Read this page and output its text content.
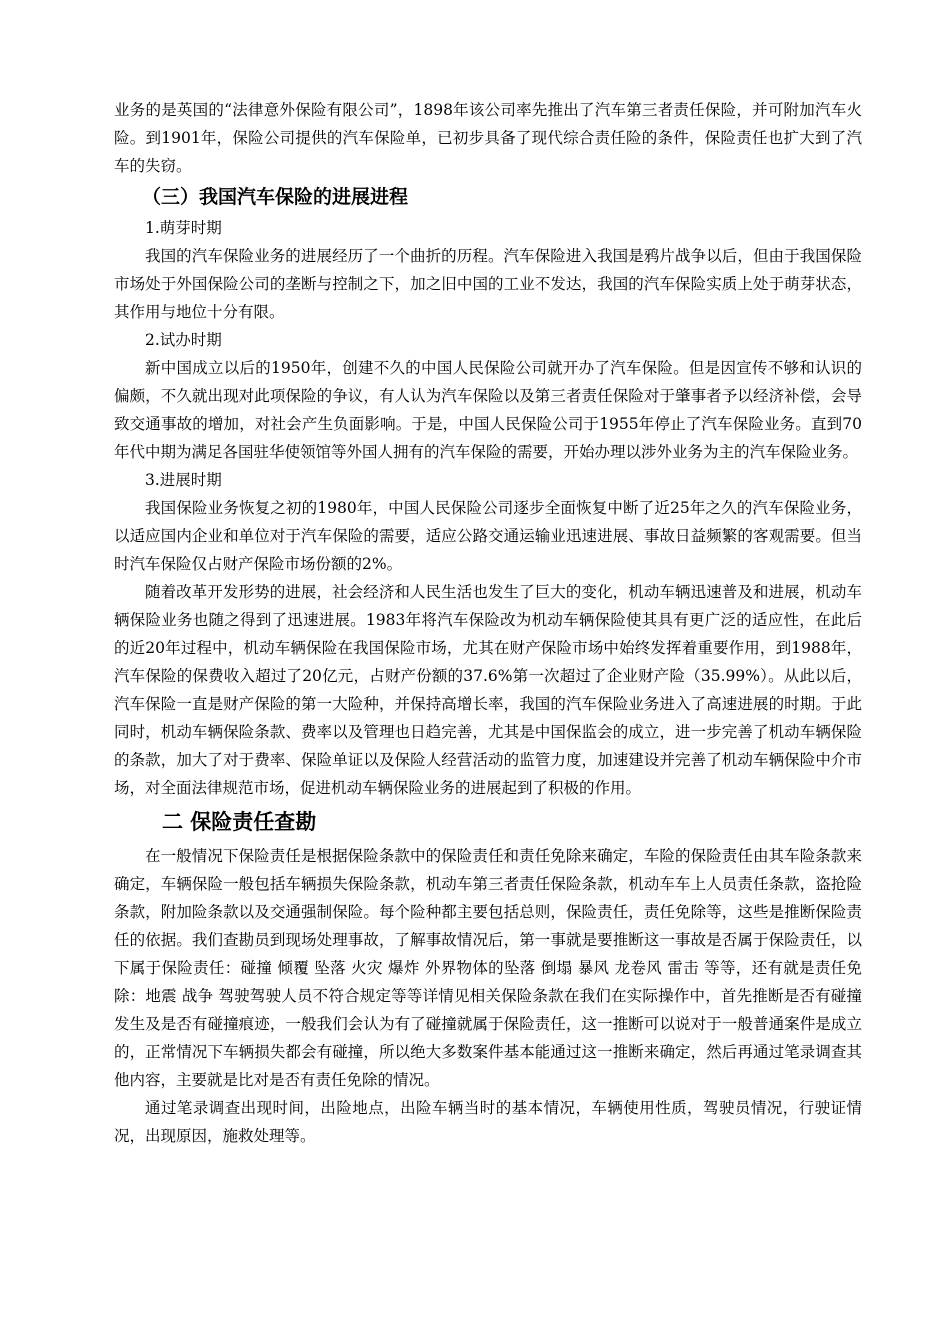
业务的是英国的“法律意外保险有限公司”，1898年该公司率先推出了汽车第三者责任保险，并可附加汽车火险。到1901年，保险公司提供的汽车保险单，已初步具备了现代综合责任险的条件，保险责任也扩大到了汽车的失窃。

（三）我国汽车保险的进展进程

1.萌芽时期

我国的汽车保险业务的进展经历了一个曲折的历程。汽车保险进入我国是鸦片战争以后，但由于我国保险市场处于外国保险公司的垄断与控制之下，加之旧中国的工业不发达，我国的汽车保险实质上处于萌芽状态，其作用与地位十分有限。

2.试办时期

新中国成立以后的1950年，创建不久的中国人民保险公司就开办了汽车保险。但是因宣传不够和认识的偏颇，不久就出现对此项保险的争议，有人认为汽车保险以及第三者责任保险对于肇事者予以经济补偿，会导致交通事故的增加，对社会产生负面影响。于是，中国人民保险公司于1955年停止了汽车保险业务。直到70年代中期为满足各国驻华使领馆等外国人拥有的汽车保险的需要，开始办理以涉外业务为主的汽车保险业务。

3.进展时期

我国保险业务恢复之初的1980年，中国人民保险公司逐步全面恢复中断了近25年之久的汽车保险业务，以适应国内企业和单位对于汽车保险的需要，适应公路交通运输业迅速进展、事故日益频繁的客观需要。但当时汽车保险仅占财产保险市场份额的2%。

随着改革开发形势的进展，社会经济和人民生活也发生了巨大的变化，机动车辆迅速普及和进展，机动车辆保险业务也随之得到了迅速进展。1983年将汽车保险改为机动车辆保险使其具有更广泛的适应性，在此后的近20年过程中，机动车辆保险在我国保险市场，尤其在财产保险市场中始终发挥着重要作用，到1988年，汽车保险的保费收入超过了20亿元，占财产份额的37.6%第一次超过了企业财产险（35.99%）。从此以后，汽车保险一直是财产保险的第一大险种，并保持高增长率，我国的汽车保险业务进入了高速进展的时期。于此同时，机动车辆保险条款、费率以及管理也日趋完善，尤其是中国保监会的成立，进一步完善了机动车辆保险的条款，加大了对于费率、保险单证以及保险人经营活动的监管力度，加速建设并完善了机动车辆保险中介市场，对全面法律规范市场，促进机动车辆保险业务的进展起到了积极的作用。

二 保险责任查勘

在一般情况下保险责任是根据保险条款中的保险责任和责任免除来确定，车险的保险责任由其车险条款来确定，车辆保险一般包括车辆损失保险条款，机动车第三者责任保险条款，机动车车上人员责任条款，盗抢险条款，附加险条款以及交通强制保险。每个险种都主要包括总则，保险责任，责任免除等，这些是推断保险责任的依据。我们查勘员到现场处理事故，了解事故情况后，第一事就是要推断这一事故是否属于保险责任，以下属于保险责任：碰撞 倾覆 坠落 火灾 爆炸 外界物体的坠落 倒塌 暴风 龙卷风 雷击 等等，还有就是责任免除：地震 战争 驾驶驾驶人员不符合规定等等详情见相关保险条款在我们在实际操作中，首先推断是否有碰撞发生及是否有碰撞痕迹，一般我们会认为有了碰撞就属于保险责任，这一推断可以说对于一般普通案件是成立的，正常情况下车辆损失都会有碰撞，所以绝大多数案件基本能通过这一推断来确定，然后再通过笔录调查其他内容，主要就是比对是否有责任免除的情况。

通过笔录调查出现时间，出险地点，出险车辆当时的基本情况，车辆使用性质，驾驶员情况，行驶证情况，出现原因，施救处理等。
